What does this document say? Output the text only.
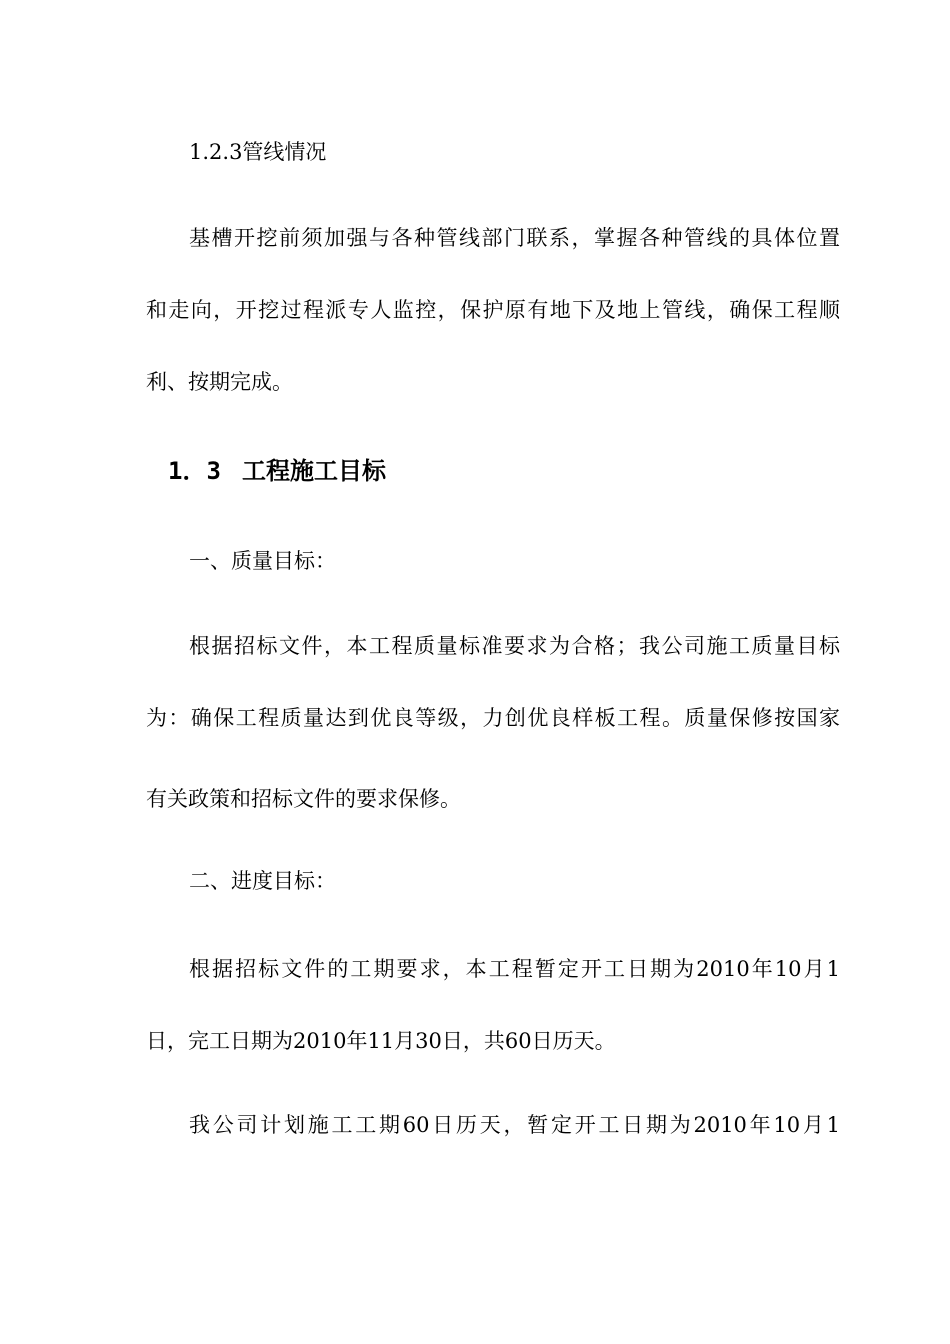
1.2.3管线情况

基槽开挖前须加强与各种管线部门联系，掌握各种管线的具体位置

和走向，开挖过程派专人监控，保护原有地下及地上管线，确保工程顺

利、按期完成。

1．3 工程施工目标

一、质量目标：

根据招标文件，本工程质量标准要求为合格；我公司施工质量目标

为：确保工程质量达到优良等级，力创优良样板工程。质量保修按国家

有关政策和招标文件的要求保修。

二、进度目标：

根据招标文件的工期要求，本工程暂定开工日期为2010年10月1

日，完工日期为2010年11月30日，共60日历天。

我公司计划施工工期60日历天，暂定开工日期为2010年10月1
